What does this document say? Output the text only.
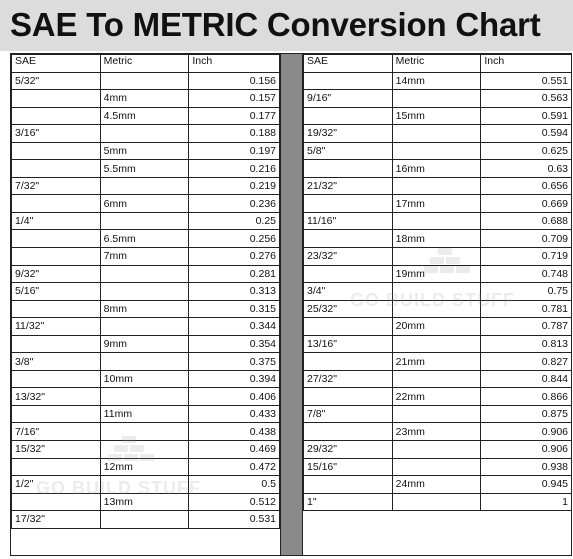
SAE To METRIC Conversion Chart
SAE	Metric	Inch
5/32"		0.156
	4mm	0.157
	4.5mm	0.177
3/16"		0.188
	5mm	0.197
	5.5mm	0.216
7/32"		0.219
	6mm	0.236
1/4"		0.25
	6.5mm	0.256
	7mm	0.276
9/32"		0.281
5/16"		0.313
	8mm	0.315
11/32"		0.344
	9mm	0.354
3/8"		0.375
	10mm	0.394
13/32"		0.406
	11mm	0.433
7/16"		0.438
15/32"		0.469
	12mm	0.472
1/2"		0.5
	13mm	0.512
17/32"		0.531
SAE	Metric	Inch
	14mm	0.551
9/16"		0.563
	15mm	0.591
19/32"		0.594
5/8"		0.625
	16mm	0.63
21/32"		0.656
	17mm	0.669
11/16"		0.688
	18mm	0.709
23/32"		0.719
	19mm	0.748
3/4"		0.75
25/32"		0.781
	20mm	0.787
13/16"		0.813
	21mm	0.827
27/32"		0.844
	22mm	0.866
7/8"		0.875
	23mm	0.906
29/32"		0.906
15/16"		0.938
	24mm	0.945
1"		1
GO BUILD STUFF
GO BUILD STUFF
